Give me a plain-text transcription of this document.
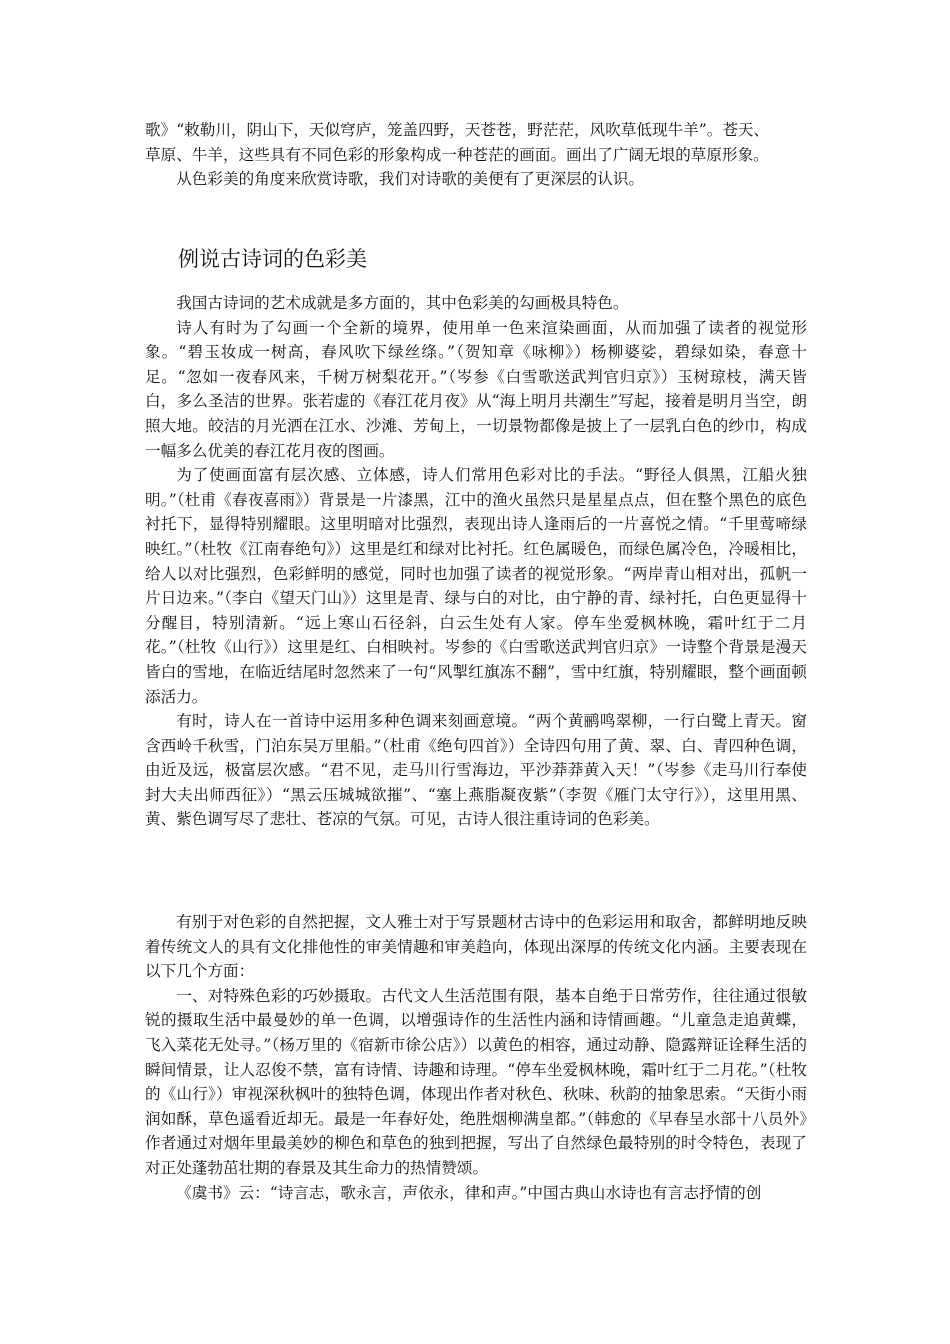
歌》“敕勒川，阴山下，天似穹庐，笼盖四野，天苍苍，野茫茫，风吹草低现牛羊”。苍天、
草原、牛羊，这些具有不同色彩的形象构成一种苍茫的画面。画出了广阔无垠的草原形象。

从色彩美的角度来欣赏诗歌，我们对诗歌的美便有了更深层的认识。

例说古诗词的色彩美

我国古诗词的艺术成就是多方面的，其中色彩美的勾画极具特色。

诗人有时为了勾画一个全新的境界，使用单一色来渲染画面，从而加强了读者的视觉形象。“碧玉妆成一树高，春风吹下绿丝绦。”（贺知章《咏柳》）杨柳婆娑，碧绿如染，春意十足。“忽如一夜春风来，千树万树梨花开。”（岑参《白雪歌送武判官归京》）玉树琼枝，满天皆白，多么圣洁的世界。张若虚的《春江花月夜》从“海上明月共潮生”写起，接着是明月当空，朗照大地。皎洁的月光洒在江水、沙滩、芳甸上，一切景物都像是披上了一层乳白色的纱巾，构成一幅多么优美的春江花月夜的图画。

为了使画面富有层次感、立体感，诗人们常用色彩对比的手法。“野径人俱黑，江船火独明。”（杜甫《春夜喜雨》）背景是一片漆黑，江中的渔火虽然只是星星点点，但在整个黑色的底色衬托下，显得特别耀眼。这里明暗对比强烈，表现出诗人逢雨后的一片喜悦之情。“千里莺啼绿映红。”（杜牧《江南春绝句》）这里是红和绿对比衬托。红色属暖色，而绿色属冷色，冷暖相比，给人以对比强烈，色彩鲜明的感觉，同时也加强了读者的视觉形象。“两岸青山相对出，孤帆一片日边来。”（李白《望天门山》）这里是青、绿与白的对比，由宁静的青、绿衬托，白色更显得十分醒目，特别清新。“远上寒山石径斜，白云生处有人家。停车坐爱枫林晚，霜叶红于二月花。”（杜牧《山行》）这里是红、白相映衬。岑参的《白雪歌送武判官归京》一诗整个背景是漫天皆白的雪地，在临近结尾时忽然来了一句“风掣红旗冻不翻”，雪中红旗，特别耀眼，整个画面顿添活力。

有时，诗人在一首诗中运用多种色调来刻画意境。“两个黄鹂鸣翠柳，一行白鹭上青天。窗含西岭千秋雪，门泊东吴万里船。”（杜甫《绝句四首》）全诗四句用了黄、翠、白、青四种色调，由近及远，极富层次感。“君不见，走马川行雪海边，平沙莽莽黄入天！”（岑参《走马川行奉使封大夫出师西征》）“黑云压城城欲摧”、“塞上燕脂凝夜紫”（李贺《雁门太守行》），这里用黑、黄、紫色调写尽了悲壮、苍凉的气氛。可见，古诗人很注重诗词的色彩美。

有别于对色彩的自然把握，文人雅士对于写景题材古诗中的色彩运用和取舍，都鲜明地反映着传统文人的具有文化排他性的审美情趣和审美趋向，体现出深厚的传统文化内涵。主要表现在以下几个方面：

一、对特殊色彩的巧妙摄取。古代文人生活范围有限，基本自绝于日常劳作，往往通过很敏锐的摄取生活中最曼妙的单一色调，以增强诗作的生活性内涵和诗情画趣。“儿童急走追黄蝶，飞入菜花无处寻。”（杨万里的《宿新市徐公店》）以黄色的相容，通过动静、隐露辩证诠释生活的瞬间情景，让人忍俊不禁，富有诗情、诗趣和诗理。“停车坐爱枫林晚，霜叶红于二月花。”（杜牧的《山行》）审视深秋枫叶的独特色调，体现出作者对秋色、秋味、秋韵的抽象思索。“天街小雨润如酥，草色遥看近却无。最是一年春好处，绝胜烟柳满皇都。”（韩愈的《早春呈水部十八员外》作者通过对烟年里最美妙的柳色和草色的独到把握，写出了自然绿色最特别的时令特色，表现了对正处蓬勃茁壮期的春景及其生命力的热情赞颂。

《虞书》云：“诗言志，歌永言，声依永，律和声。”中国古典山水诗也有言志抒情的创
